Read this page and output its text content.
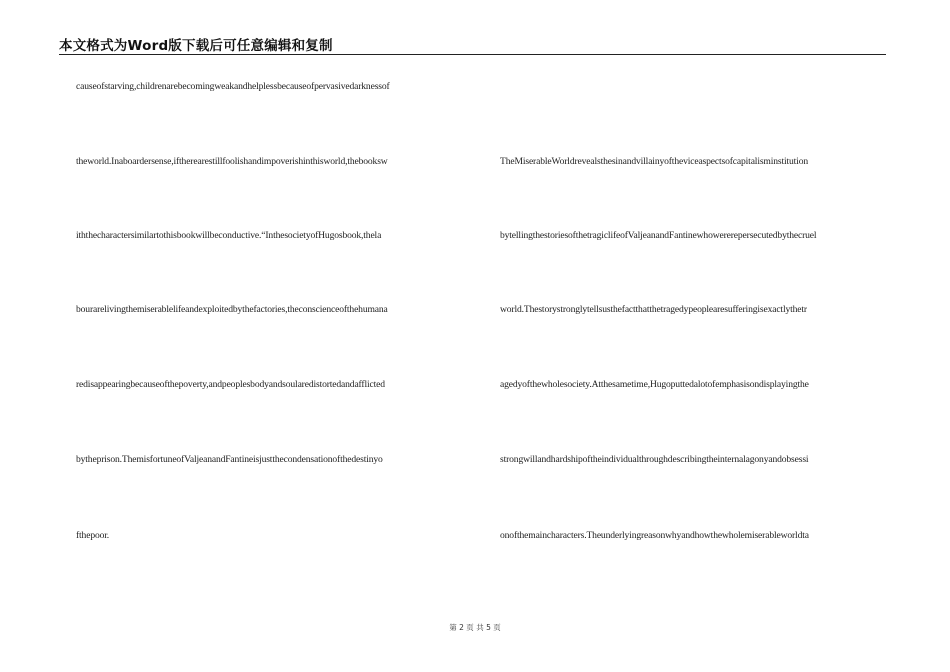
本文格式为Word版下载后可任意编辑和复制
causeofstarving,childrenarebecomingweakandhelplessbecauseofpervasivedarknessof
theworld.Inaboardersense,iftherearestillfoolishandimpoverishinthisworld,thebooksw
iththecharactersimilartothisbookwillbeconductive.“InthesocietyofHugosbook,thela
bourarelivingthemiserablelifeandexploitedbythefactories,theconscienceofthehumana
redisappearingbecauseofthepoverty,andpeoplesbodyandsoularedistortedandafflicted
bytheprison.ThemisfortuneofValjeanandFantineisjustthecondensationofthedestinyo
fthepoor.
TheMiserableWorldrevealsthesinandvillainyofthevicеaspectsofcapitalisminstitution
bytellingthestoriesofthetragiclifeofValjeanandFantinewhowererepersecutedbythecruel
world.Thestorystronglytellsusthefactthatthetragedypeoplearesufferingisexactlythetr
agedyofthewholesociety.Atthesametime,Hugoputtedalotofemphasisondisplayingthe
strongwillandhardshipoftheindividualthroughdescribingtheinternalagonyandobsessi
onofthemaincharacters.Theunderlyingreasonwhyandhowthewholemiserableworldta
第 2 页 共 5 页
